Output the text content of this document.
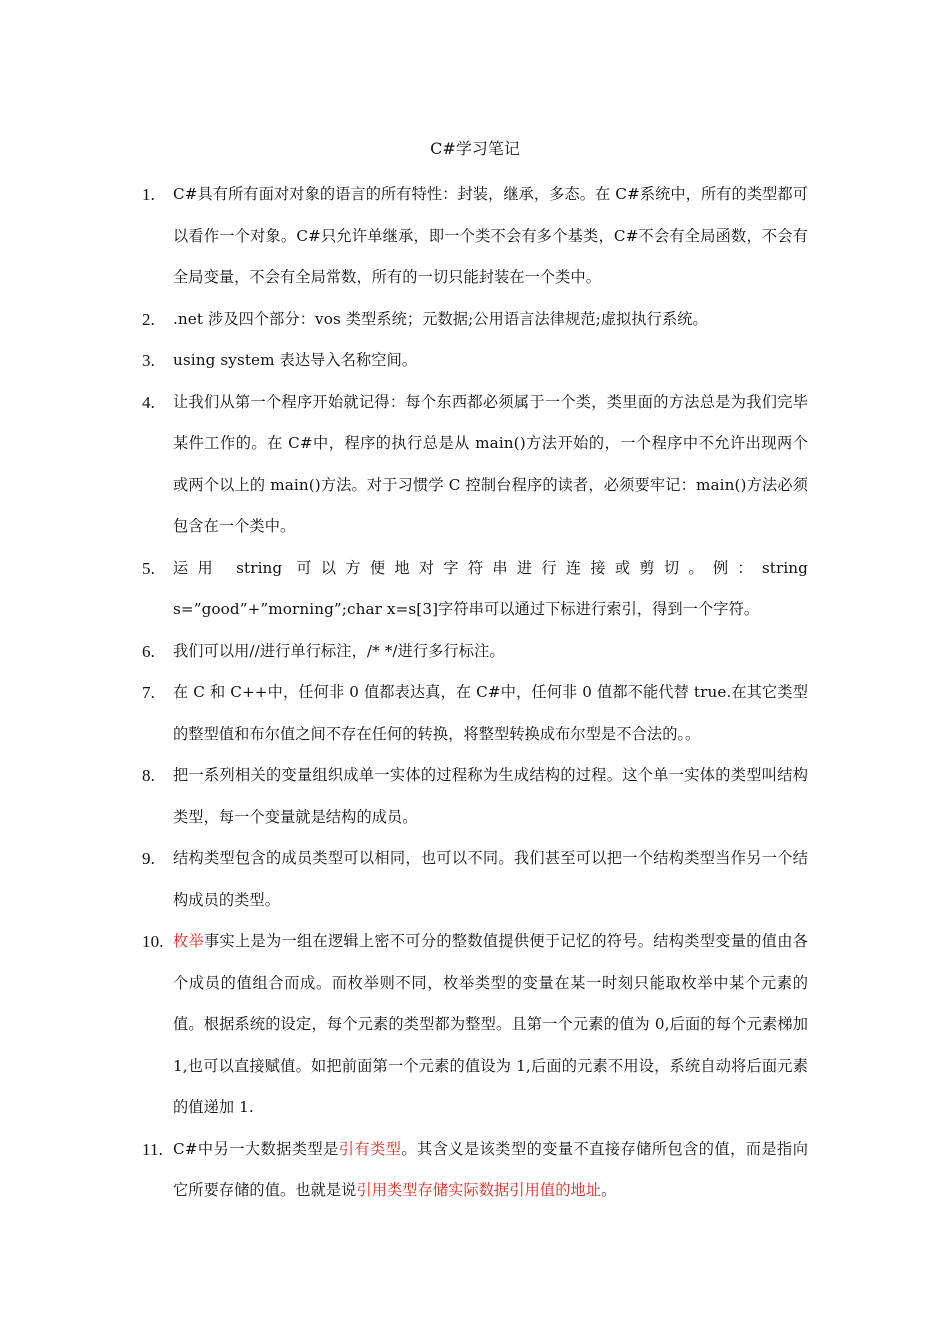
C#学习笔记
1. C#具有所有面对对象的语言的所有特性：封装，继承，多态。在 C#系统中，所有的类型都可以看作一个对象。C#只允许单继承，即一个类不会有多个基类，C#不会有全局函数，不会有全局变量，不会有全局常数，所有的一切只能封装在一个类中。
2. .net 涉及四个部分：vos 类型系统；元数据;公用语言法律规范;虚拟执行系统。
3. using system 表达导入名称空间。
4. 让我们从第一个程序开始就记得：每个东西都必须属于一个类，类里面的方法总是为我们完毕某件工作的。在 C#中，程序的执行总是从 main()方法开始的，一个程序中不允许出现两个或两个以上的 main()方法。对于习惯学 C 控制台程序的读者，必须要牢记：main()方法必须包含在一个类中。
5. 运用 string 可以方便地对字符串进行连接或剪切。例：string s=”good”+”morning”;char x=s[3]字符串可以通过下标进行索引，得到一个字符。
6. 我们可以用//进行单行标注，/* */进行多行标注。
7. 在 C 和 C++中，任何非 0 值都表达真，在 C#中，任何非 0 值都不能代替 true.在其它类型的整型值和布尔值之间不存在任何的转换，将整型转换成布尔型是不合法的。。
8. 把一系列相关的变量组织成单一实体的过程称为生成结构的过程。这个单一实体的类型叫结构类型，每一个变量就是结构的成员。
9. 结构类型包含的成员类型可以相同，也可以不同。我们甚至可以把一个结构类型当作另一个结构成员的类型。
10. 枚举事实上是为一组在逻辑上密不可分的整数值提供便于记忆的符号。结构类型变量的值由各个成员的值组合而成。而枚举则不同，枚举类型的变量在某一时刻只能取枚举中某个元素的值。根据系统的设定，每个元素的类型都为整型。且第一个元素的值为 0,后面的每个元素梯加 1,也可以直接赋值。如把前面第一个元素的值设为 1,后面的元素不用设，系统自动将后面元素的值递加 1.
11. C#中另一大数据类型是引有类型。其含义是该类型的变量不直接存储所包含的值，而是指向它所要存储的值。也就是说引用类型存储实际数据引用值的地址。
